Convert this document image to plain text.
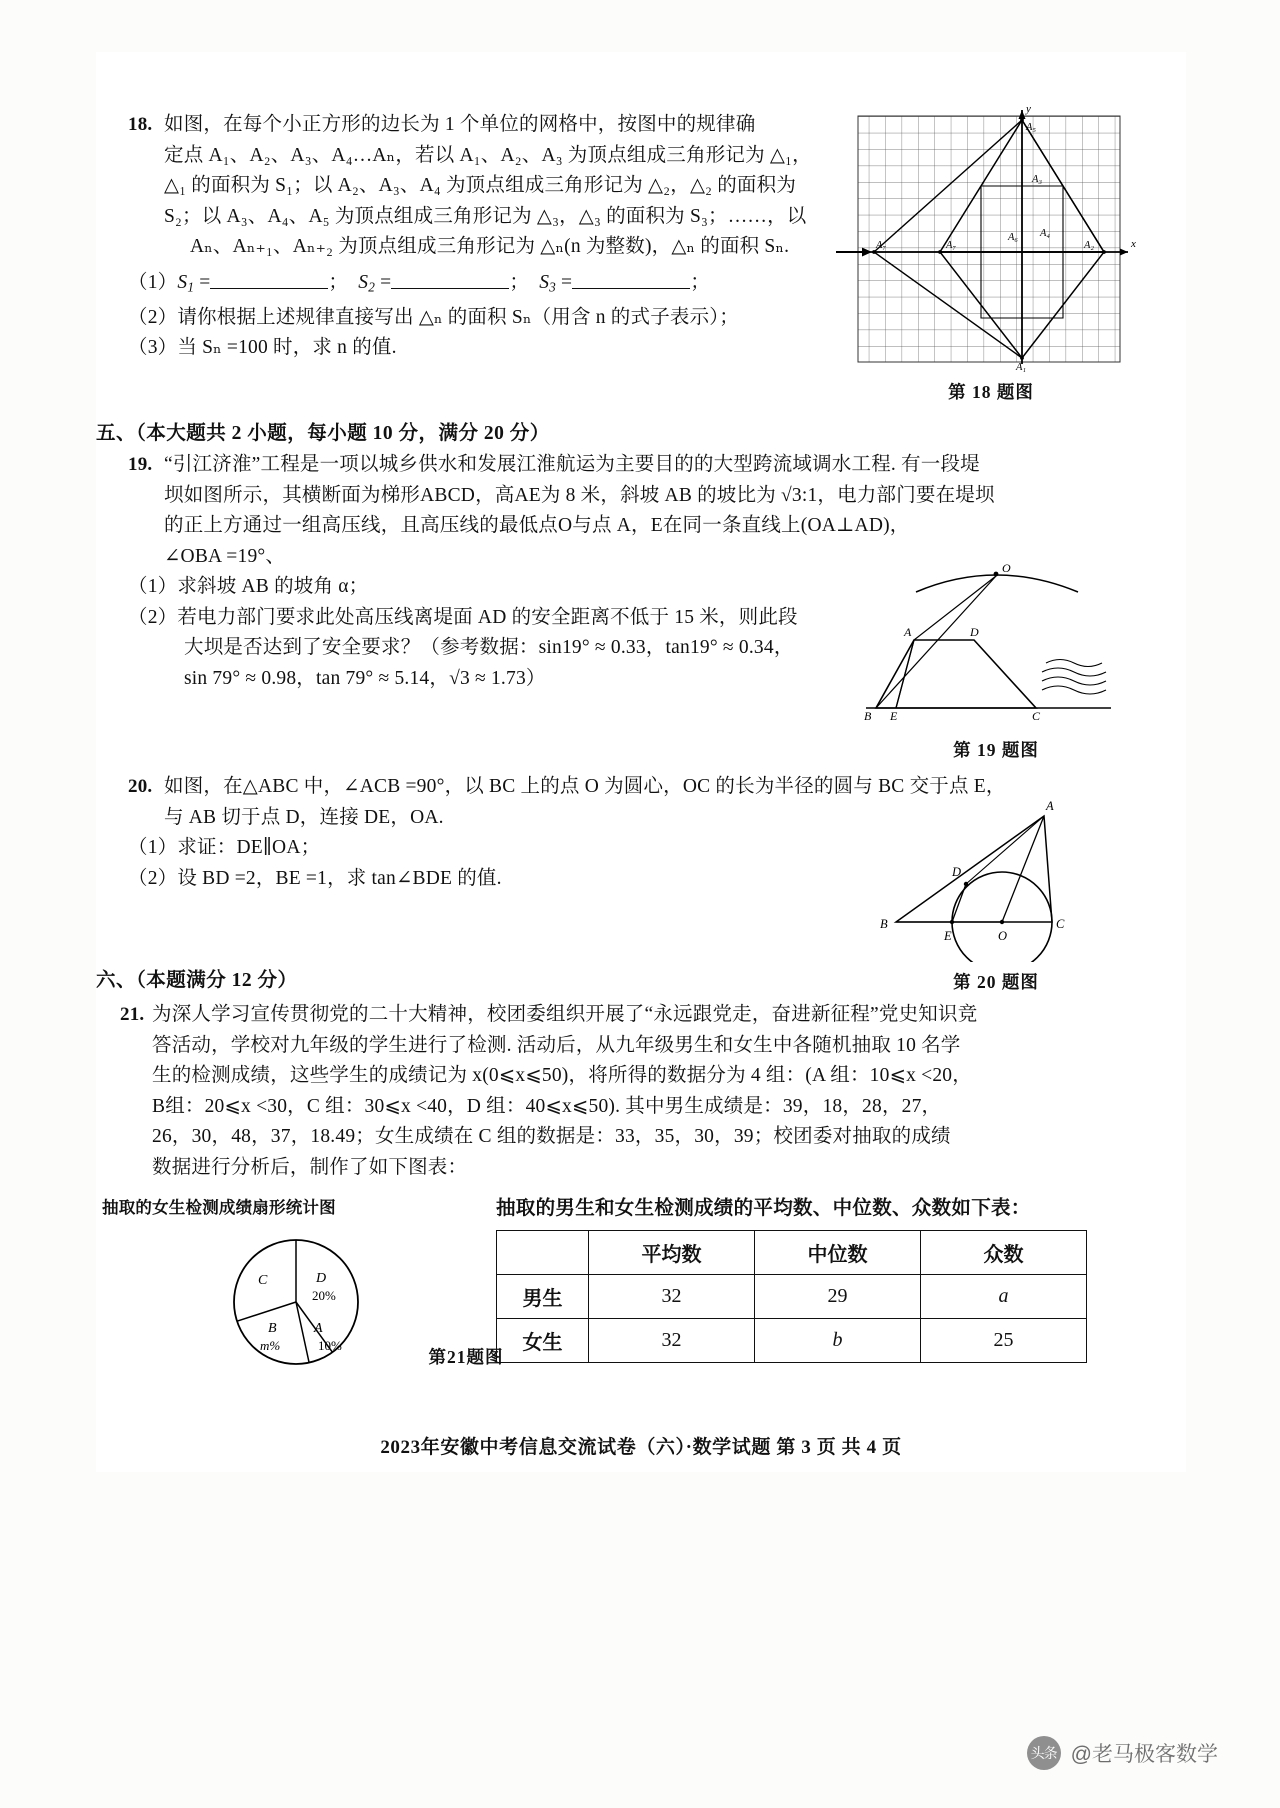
18. 如图，在每个小正方形的边长为 1 个单位的网格中，按图中的规律确
定点 A₁、A₂、A₃、A₄…Aₙ，若以 A₁、A₂、A₃ 为顶点组成三角形记为 △₁，
△₁ 的面积为 S₁；以 A₂、A₃、A₄ 为顶点组成三角形记为 △₂，△₂ 的面积为
S₂；以 A₃、A₄、A₅ 为顶点组成三角形记为 △₃，△₃ 的面积为 S₃；……，以
Aₙ、Aₙ₊₁、Aₙ₊₂ 为顶点组成三角形记为 △ₙ(n 为整数)，△ₙ 的面积 Sₙ.
$(1)S_1$ =	；  $S_2$ =	；  $S_3$ =	；
（2）请你根据上述规律直接写出 △ₙ 的面积 Sₙ（用含 n 的式子表示）；
（3）当 Sₙ =100 时，求 n 的值.
x
y
A₅
A₃
A₆ A₄
A₂
A₇
A₇
A₁
第 18 题图
五、（本大题共 2 小题，每小题 10 分，满分 20 分）
19. “引江济淮”工程是一项以城乡供水和发展江淮航运为主要目的的大型跨流域调水工程. 有一段堤
坝如图所示，其横断面为梯形ABCD，高AE为 8 米，斜坡 AB 的坡比为 √3:1，电力部门要在堤坝
的正上方通过一组高压线，且高压线的最低点O与点 A，E在同一条直线上(OA⊥AD)，
∠OBA =19°、
（1）求斜坡 AB 的坡角 α；
（2）若电力部门要求此处高压线离堤面 AD 的安全距离不低于 15 米，则此段
大坝是否达到了安全要求？（参考数据：sin19° ≈ 0.33，tan19° ≈ 0.34，
sin 79° ≈ 0.98，tan 79° ≈ 5.14，√3 ≈ 1.73）
O
A	D
B E	C
第 19 题图
20. 如图，在△ABC 中，∠ACB =90°，以 BC 上的点 O 为圆心，OC 的长为半径的圆与 BC 交于点 E，
与 AB 切于点 D，连接 DE，OA.
（1）求证：DE∥OA；
（2）设 BD =2，BE =1，求 tan∠BDE 的值.
A
D
B
E	O
C
第 20 题图
六、（本题满分 12 分）
21. 为深人学习宣传贯彻党的二十大精神，校团委组织开展了“永远跟党走，奋进新征程”党史知识竞
答活动，学校对九年级的学生进行了检测. 活动后，从九年级男生和女生中各随机抽取 10 名学
生的检测成绩，这些学生的成绩记为 x(0⩽x⩽50)，将所得的数据分为 4 组：(A 组：10⩽x <20，
B组：20⩽x <30，C 组：30⩽x <40，D 组：40⩽x⩽50). 其中男生成绩是：39，18，28，27，
26，30，48，37，18.49；女生成绩在 C 组的数据是：33，35，30，39；校团委对抽取的成绩
数据进行分析后，制作了如下图表：
抽取的女生检测成绩扇形统计图
C	D
20%
A
10%
B
m%
第21题图
抽取的男生和女生检测成绩的平均数、中位数、众数如下表：
	平均数	中位数	众数
男生	32	29	a
女生	32	b	25
2023年安徽中考信息交流试卷（六）·数学试题 第 3 页 共 4 页
头条 @老马极客数学
